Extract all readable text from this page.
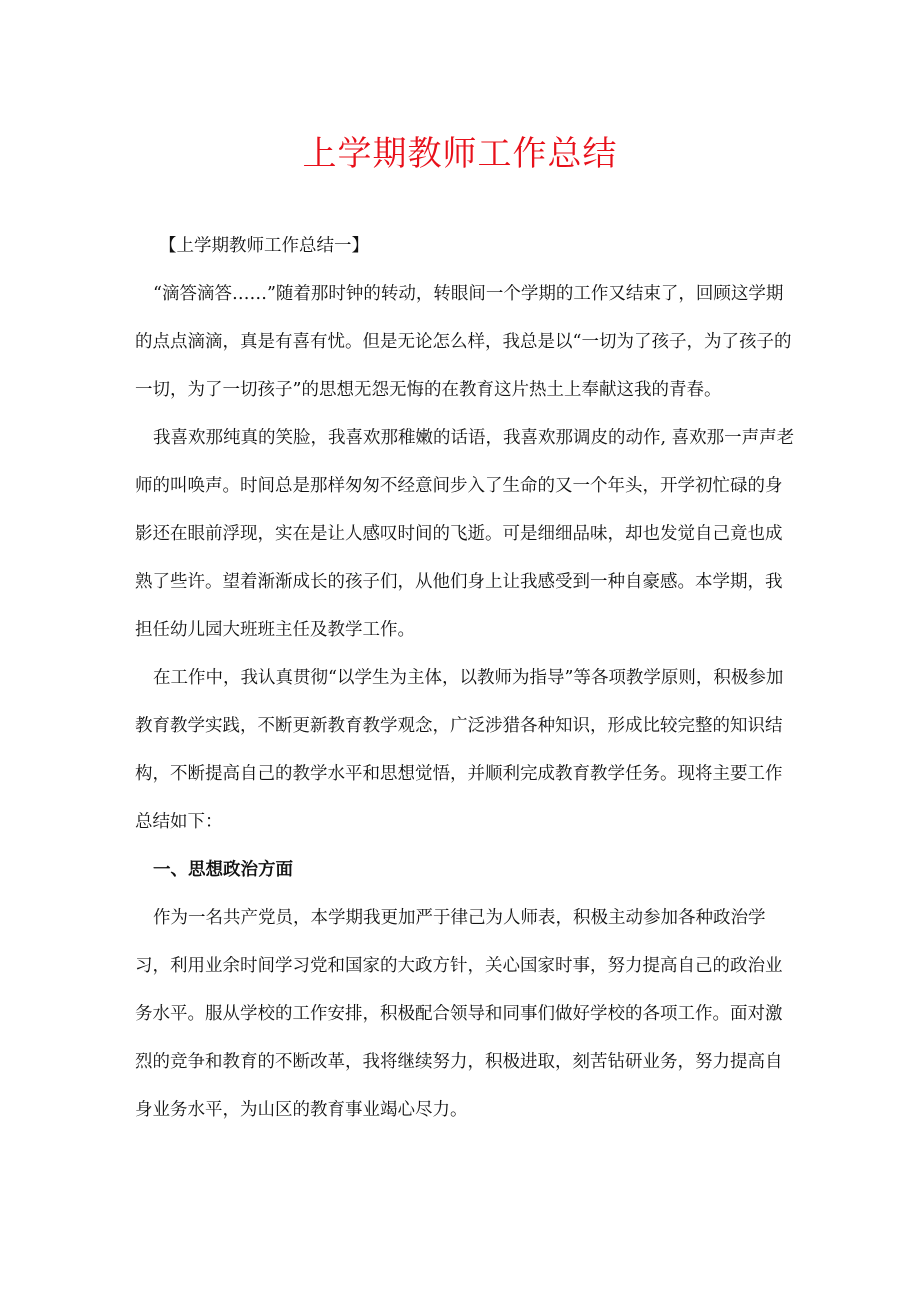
上学期教师工作总结

【上学期教师工作总结一】

“滴答滴答……”随着那时钟的转动，转眼间一个学期的工作又结束了，回顾这学期的点点滴滴，真是有喜有忧。但是无论怎么样，我总是以“一切为了孩子，为了孩子的一切，为了一切孩子”的思想无怨无悔的在教育这片热土上奉献这我的青春。

我喜欢那纯真的笑脸，我喜欢那稚嫩的话语，我喜欢那调皮的动作, 喜欢那一声声老师的叫唤声。时间总是那样匆匆不经意间步入了生命的又一个年头，开学初忙碌的身影还在眼前浮现，实在是让人感叹时间的飞逝。可是细细品味，却也发觉自己竟也成熟了些许。望着渐渐成长的孩子们，从他们身上让我感受到一种自豪感。本学期，我担任幼儿园大班班主任及教学工作。

在工作中，我认真贯彻“以学生为主体，以教师为指导”等各项教学原则，积极参加教育教学实践，不断更新教育教学观念，广泛涉猎各种知识，形成比较完整的知识结构，不断提高自己的教学水平和思想觉悟，并顺利完成教育教学任务。现将主要工作总结如下：

一、思想政治方面

作为一名共产党员，本学期我更加严于律己为人师表，积极主动参加各种政治学习，利用业余时间学习党和国家的大政方针，关心国家时事，努力提高自己的政治业务水平。服从学校的工作安排，积极配合领导和同事们做好学校的各项工作。面对激烈的竞争和教育的不断改革，我将继续努力，积极进取，刻苦钻研业务，努力提高自身业务水平，为山区的教育事业竭心尽力。
